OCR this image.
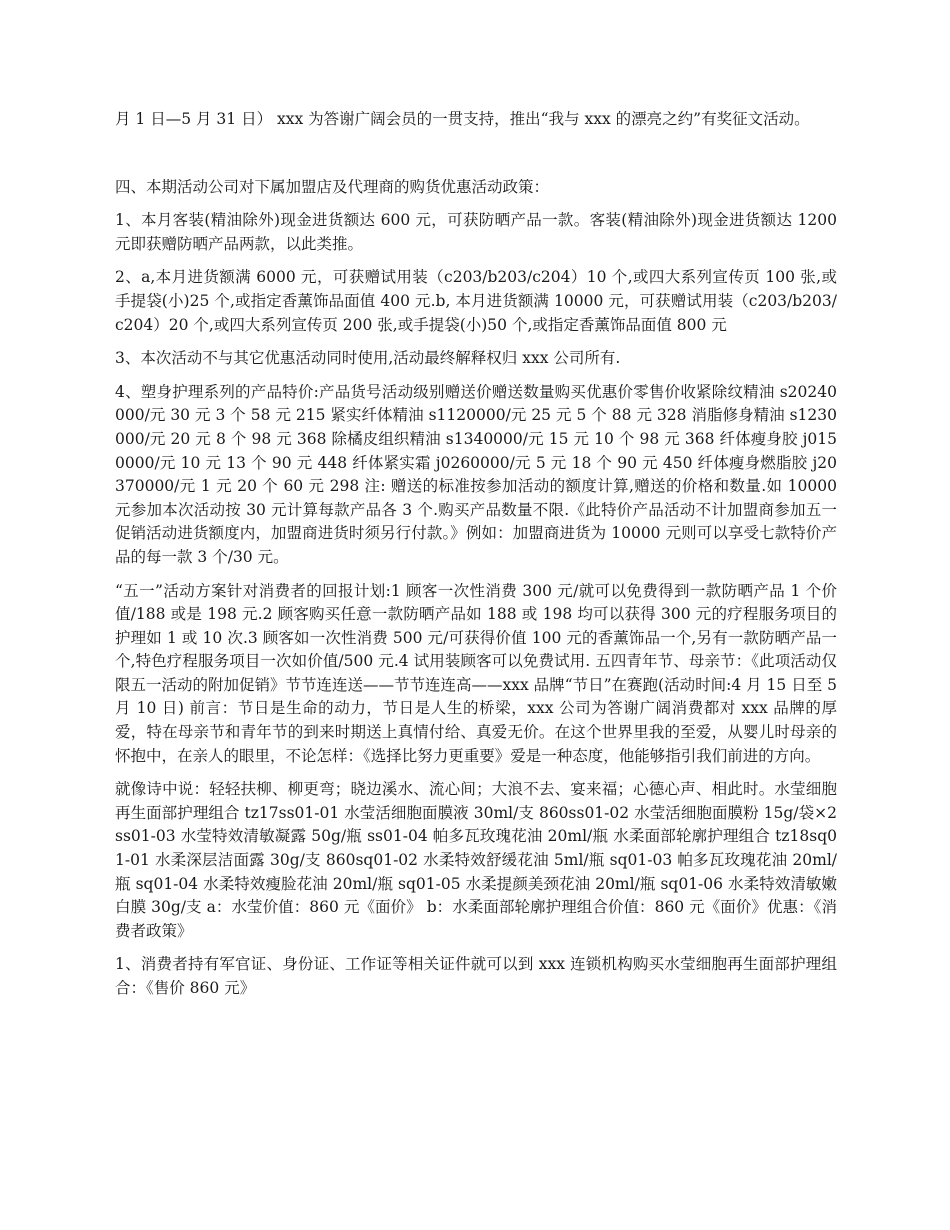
月 1 日—5 月 31 日） xxx 为答谢广阔会员的一贯支持，推出“我与 xxx 的漂亮之约”有奖征文活动。

四、本期活动公司对下属加盟店及代理商的购货优惠活动政策：

1、本月客装(精油除外)现金进货额达 600 元，可获防晒产品一款。客装(精油除外)现金进货额达 1200 元即获赠防晒产品两款，以此类推。

2、a,本月进货额满 6000 元，可获赠试用装（c203/b203/c204）10 个,或四大系列宣传页 100 张,或手提袋(小)25 个,或指定香薰饰品面值 400 元.b, 本月进货额满 10000 元，可获赠试用装（c203/b203/c204）20 个,或四大系列宣传页 200 张,或手提袋(小)50 个,或指定香薰饰品面值 800 元

3、本次活动不与其它优惠活动同时使用,活动最终解释权归 xxx 公司所有.

4、塑身护理系列的产品特价:产品货号活动级别赠送价赠送数量购买优惠价零售价收紧除纹精油 s20240000/元 30 元 3 个 58 元 215 紧实纤体精油 s1120000/元 25 元 5 个 88 元 328 消脂修身精油 s1230000/元 20 元 8 个 98 元 368 除橘皮组织精油 s1340000/元 15 元 10 个 98 元 368 纤体瘦身胶 j0150000/元 10 元 13 个 90 元 448 纤体紧实霜 j0260000/元 5 元 18 个 90 元 450 纤体瘦身燃脂胶 j20370000/元 1 元 20 个 60 元 298 注: 赠送的标准按参加活动的额度计算,赠送的价格和数量.如 10000 元参加本次活动按 30 元计算每款产品各 3 个.购买产品数量不限.《此特价产品活动不计加盟商参加五一促销活动进货额度内，加盟商进货时须另行付款。》例如：加盟商进货为 10000 元则可以享受七款特价产品的每一款 3 个/30 元。

“五一”活动方案针对消费者的回报计划:1 顾客一次性消费 300 元/就可以免费得到一款防晒产品 1 个价值/188 或是 198 元.2 顾客购买任意一款防晒产品如 188 或 198 均可以获得 300 元的疗程服务项目的护理如 1 或 10 次.3 顾客如一次性消费 500 元/可获得价值 100 元的香薰饰品一个,另有一款防晒产品一个,特色疗程服务项目一次如价值/500 元.4 试用装顾客可以免费试用. 五四青年节、母亲节：《此项活动仅限五一活动的附加促销》节节连连送——节节连连高——xxx 品牌“节日”在赛跑(活动时间:4 月 15 日至 5 月 10 日) 前言：节日是生命的动力，节日是人生的桥梁，xxx 公司为答谢广阔消费都对 xxx 品牌的厚爱，特在母亲节和青年节的到来时期送上真情付给、真爱无价。在这个世界里我的至爱，从婴儿时母亲的怀抱中，在亲人的眼里，不论怎样：《选择比努力更重要》爱是一种态度，他能够指引我们前进的方向。

就像诗中说：轻轻扶柳、柳更弯；晓边溪水、流心间；大浪不去、宴来福；心德心声、相此时。水莹细胞再生面部护理组合 tz17ss01-01 水莹活细胞面膜液 30ml/支 860ss01-02 水莹活细胞面膜粉 15g/袋×2ss01-03 水莹特效清敏凝露 50g/瓶 ss01-04 帕多瓦玫瑰花油 20ml/瓶 水柔面部轮廓护理组合 tz18sq01-01 水柔深层洁面露 30g/支 860sq01-02 水柔特效舒缓花油 5ml/瓶 sq01-03 帕多瓦玫瑰花油 20ml/瓶 sq01-04 水柔特效瘦脸花油 20ml/瓶 sq01-05 水柔提颜美颈花油 20ml/瓶 sq01-06 水柔特效清敏嫩白膜 30g/支 a：水莹价值：860 元《面价》 b：水柔面部轮廓护理组合价值：860 元《面价》优惠：《消费者政策》

1、消费者持有军官证、身份证、工作证等相关证件就可以到 xxx 连锁机构购买水莹细胞再生面部护理组合：《售价 860 元》
